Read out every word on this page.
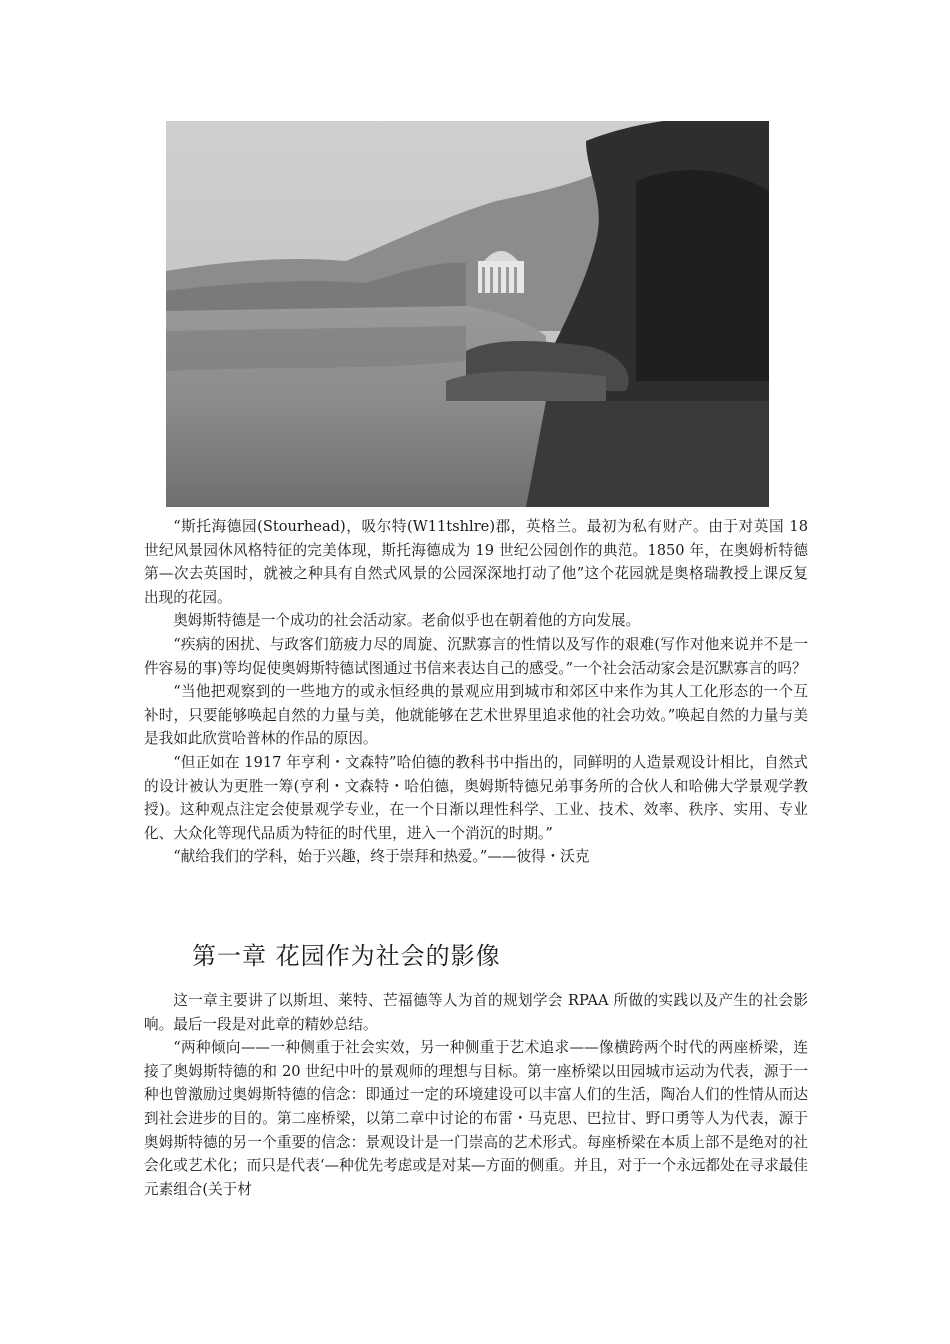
“斯托海德园(Stourhead)，吸尔特(W11tshlre)郡，英格兰。最初为私有财产。由于对英国 18 世纪风景园休风格特征的完美体现，斯托海德成为 19 世纪公园创作的典范。1850 年，在奥姆析特德第—次去英国时，就被之种具有自然式风景的公园深深地打动了他”这个花园就是奥格瑞教授上课反复出现的花园。

奥姆斯特德是一个成功的社会活动家。老俞似乎也在朝着他的方向发展。

“疾病的困扰、与政客们筋疲力尽的周旋、沉默寡言的性情以及写作的艰难(写作对他来说并不是一件容易的事)等均促使奥姆斯特德试图通过书信来表达自己的感受。”一个社会活动家会是沉默寡言的吗？

“当他把观察到的一些地方的或永恒经典的景观应用到城市和郊区中来作为其人工化形态的一个互补时，只要能够唤起自然的力量与美，他就能够在艺术世界里追求他的社会功效。”唤起自然的力量与美是我如此欣赏哈普林的作品的原因。

“但正如在 1917 年亨利・文森特”哈伯德的教科书中指出的，同鲜明的人造景观设计相比，自然式的设计被认为更胜一筹(亨利・文森特・哈伯德，奥姆斯特德兄弟事务所的合伙人和哈佛大学景观学教授)。这种观点注定会使景观学专业，在一个日渐以理性科学、工业、技术、效率、秩序、实用、专业化、大众化等现代品质为特征的时代里，进入一个消沉的时期。”

“献给我们的学科，始于兴趣，终于崇拜和热爱。”——彼得・沃克

第一章 花园作为社会的影像

这一章主要讲了以斯坦、莱特、芒福德等人为首的规划学会 RPAA 所做的实践以及产生的社会影响。最后一段是对此章的精妙总结。

“两种倾向——一种侧重于社会实效，另一种侧重于艺术追求——像横跨两个时代的两座桥梁，连接了奥姆斯特德的和 20 世纪中叶的景观师的理想与目标。第一座桥梁以田园城市运动为代表，源于一种也曾激励过奥姆斯特德的信念：即通过一定的环境建设可以丰富人们的生活，陶冶人们的性情从而达到社会进步的目的。第二座桥梁，以第二章中讨论的布雷・马克思、巴拉甘、野口勇等人为代表，源于奥姆斯特德的另一个重要的信念：景观设计是一门崇高的艺术形式。每座桥梁在本质上部不是绝对的社会化或艺术化；而只是代表‘—种优先考虑或是对某—方面的侧重。并且，对于一个永远都处在寻求最佳元素组合(关于材
